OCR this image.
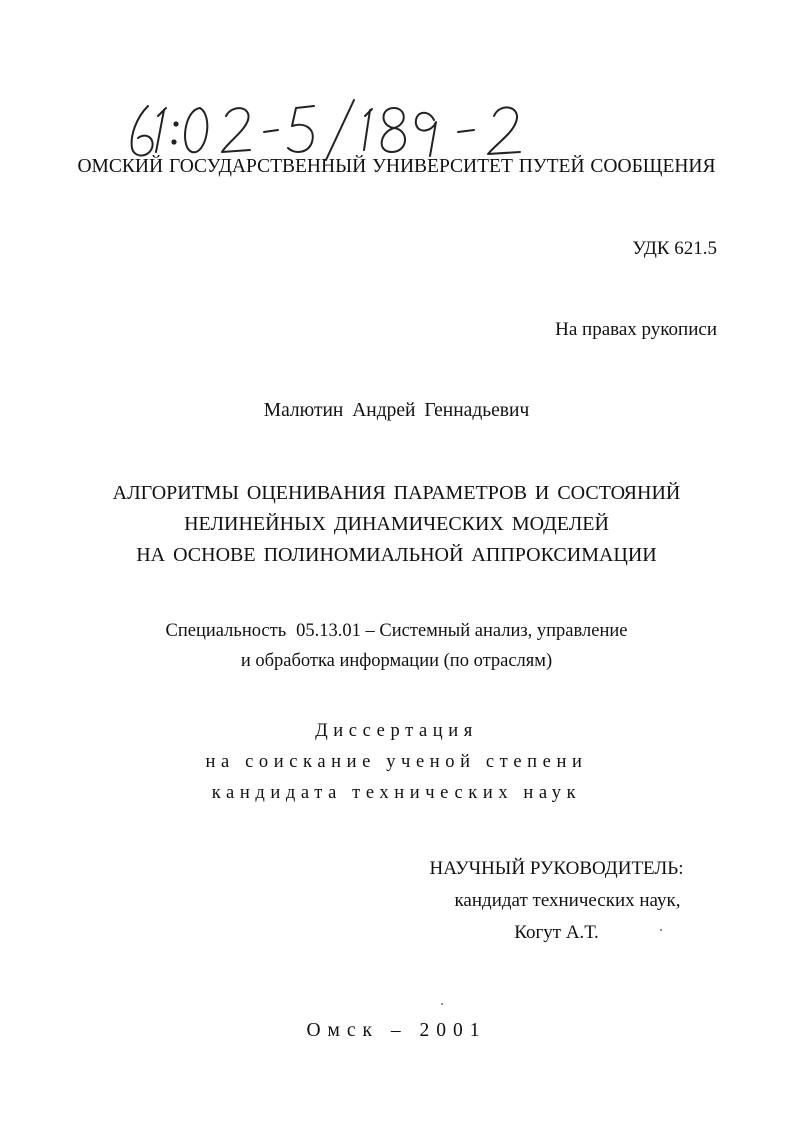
ОМСКИЙ ГОСУДАРСТВЕННЫЙ УНИВЕРСИТЕТ ПУТЕЙ СООБЩЕНИЯ
УДК 621.5
На правах рукописи
Малютин Андрей Геннадьевич
АЛГОРИТМЫ ОЦЕНИВАНИЯ ПАРАМЕТРОВ И СОСТОЯНИЙ
НЕЛИНЕЙНЫХ ДИНАМИЧЕСКИХ МОДЕЛЕЙ
НА ОСНОВЕ ПОЛИНОМИАЛЬНОЙ АППРОКСИМАЦИИ
Специальность 05.13.01 – Системный анализ, управление
и обработка информации (по отраслям)
Диссертация
на соискание ученой степени
кандидата технических наук
НАУЧНЫЙ РУКОВОДИТЕЛЬ:
кандидат технических наук,
Когут А.Т.
Омск – 2001
